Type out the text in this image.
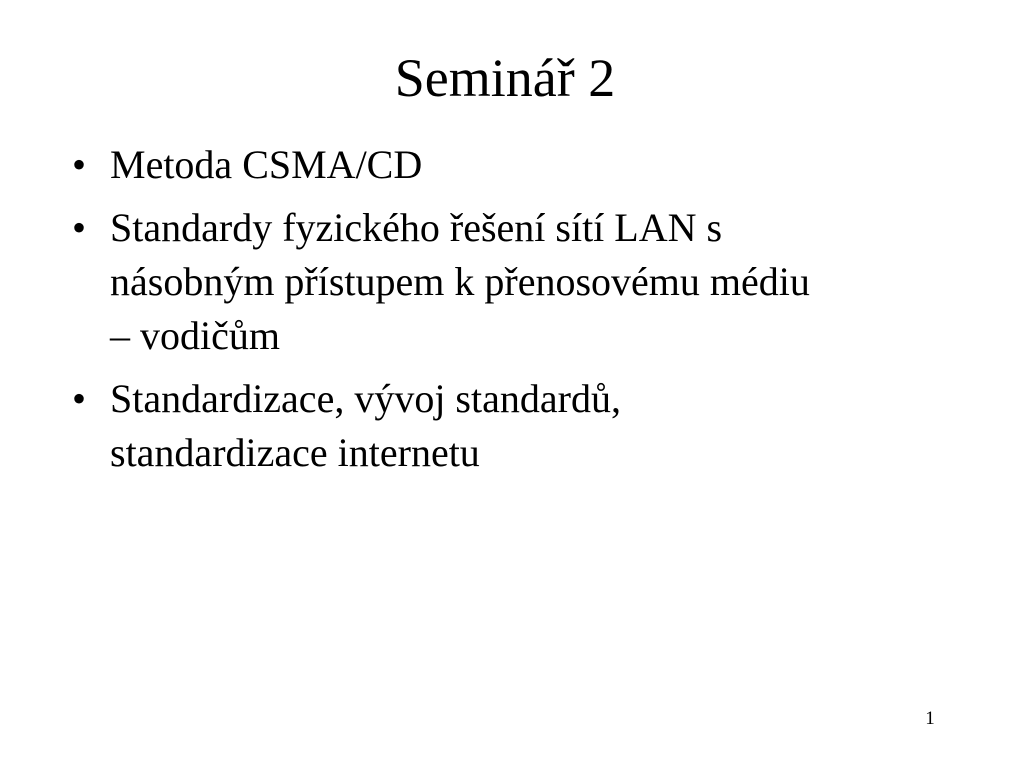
Seminář 2
• Metoda CSMA/CD
• Standardy fyzického řešení sítí LAN s
násobným přístupem k přenosovému médiu
– vodičům
• Standardizace, vývoj standardů,
standardizace internetu
1
